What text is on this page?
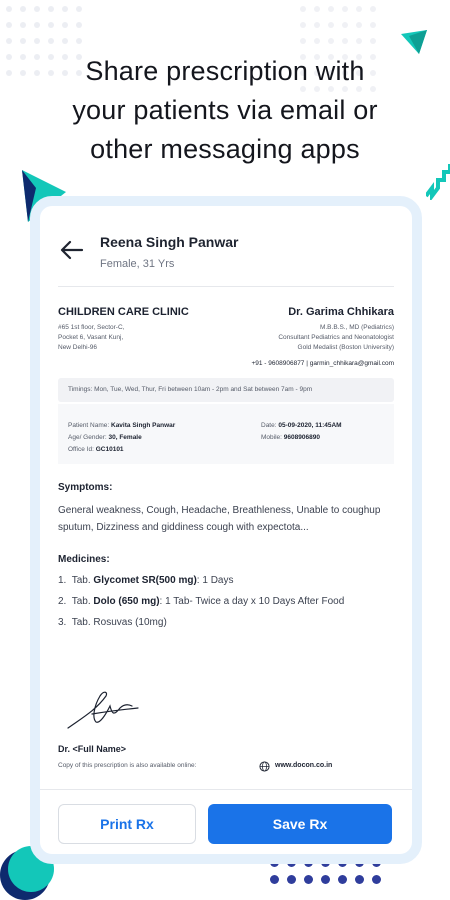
Share prescription with
your patients via email or
other messaging apps
Reena Singh Panwar
Female, 31 Yrs
CHILDREN CARE CLINIC
#65 1st floor, Sector-C,
Pocket 6, Vasant Kunj,
New Delhi-96
Dr. Garima Chhikara
M.B.B.S., MD (Pediatrics)
Consultant Pediatrics and Neonatologist
Gold Medalist (Boston University)
+91 - 9608906877 | garmin_chhikara@gmail.com
Timings: Mon, Tue, Wed, Thur, Fri between 10am - 2pm and Sat between 7am - 9pm
Patient Name: Kavita Singh Panwar
Age/ Gender: 30, Female
Office Id: GC10101
Date: 05-09-2020, 11:45AM
Mobile: 9608906890
Symptoms:
General weakness, Cough, Headache, Breathleness, Unable to coughup sputum, Dizziness and giddiness cough with expectota...
Medicines:
1. Tab. Glycomet SR(500 mg): 1 Days
2. Tab. Dolo (650 mg): 1 Tab- Twice a day x 10 Days After Food
3. Tab. Rosuvas (10mg)
Dr. <Full Name>
Copy of this prescription is also available online:	www.docon.co.in
Print Rx	Save Rx
